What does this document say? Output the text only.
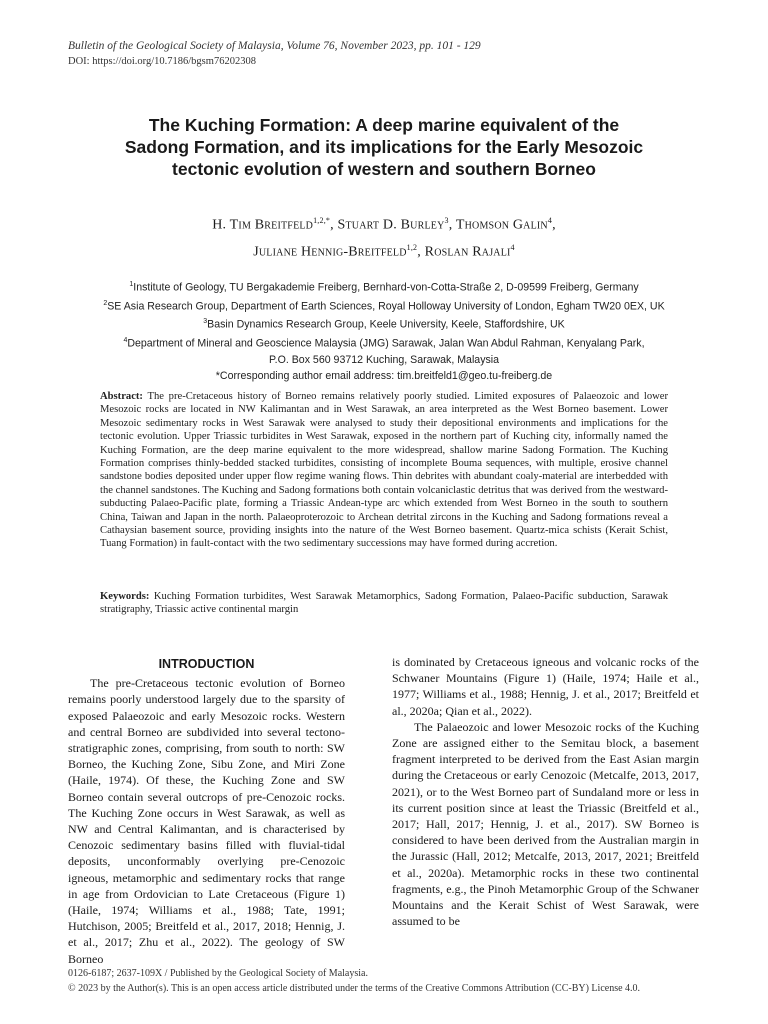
Bulletin of the Geological Society of Malaysia, Volume 76, November 2023, pp. 101 - 129
DOI: https://doi.org/10.7186/bgsm76202308
The Kuching Formation: A deep marine equivalent of the
Sadong Formation, and its implications for the Early Mesozoic
tectonic evolution of western and southern Borneo
H. Tim Breitfeld$^{1,2,*}$, Stuart D. Burley$^3$, Thomson Galin$^4$,
Juliane Hennig-Breitfeld$^{1,2}$, Roslan Rajali$^4$
$^1$Institute of Geology, TU Bergakademie Freiberg, Bernhard-von-Cotta-Straße 2, D-09599 Freiberg, Germany
$^2$SE Asia Research Group, Department of Earth Sciences, Royal Holloway University of London, Egham TW20 0EX, UK
$^3$Basin Dynamics Research Group, Keele University, Keele, Staffordshire, UK
$^4$Department of Mineral and Geoscience Malaysia (JMG) Sarawak, Jalan Wan Abdul Rahman, Kenyalang Park,
P.O. Box 560 93712 Kuching, Sarawak, Malaysia
*Corresponding author email address: tim.breitfeld1@geo.tu-freiberg.de
Abstract: The pre-Cretaceous history of Borneo remains relatively poorly studied. Limited exposures of Palaeozoic and lower Mesozoic rocks are located in NW Kalimantan and in West Sarawak, an area interpreted as the West Borneo basement. Lower Mesozoic sedimentary rocks in West Sarawak were analysed to study their depositional environments and implications for the tectonic evolution. Upper Triassic turbidites in West Sarawak, exposed in the northern part of Kuching city, informally named the Kuching Formation, are the deep marine equivalent to the more widespread, shallow marine Sadong Formation. The Kuching Formation comprises thinly-bedded stacked turbidites, consisting of incomplete Bouma sequences, with multiple, erosive channel sandstone bodies deposited under upper flow regime waning flows. Thin debrites with abundant coaly-material are interbedded with the channel sandstones. The Kuching and Sadong formations both contain volcaniclastic detritus that was derived from the westward-subducting Palaeo-Pacific plate, forming a Triassic Andean-type arc which extended from West Borneo in the south to southern China, Taiwan and Japan in the north. Palaeoproterozoic to Archean detrital zircons in the Kuching and Sadong formations reveal a Cathaysian basement source, providing insights into the nature of the West Borneo basement. Quartz-mica schists (Kerait Schist, Tuang Formation) in fault-contact with the two sedimentary successions may have formed during accretion.
Keywords: Kuching Formation turbidites, West Sarawak Metamorphics, Sadong Formation, Palaeo-Pacific subduction, Sarawak stratigraphy, Triassic active continental margin
INTRODUCTION

The pre-Cretaceous tectonic evolution of Borneo remains poorly understood largely due to the sparsity of exposed Palaeozoic and early Mesozoic rocks. Western and central Borneo are subdivided into several tectono-stratigraphic zones, comprising, from south to north: SW Borneo, the Kuching Zone, Sibu Zone, and Miri Zone (Haile, 1974). Of these, the Kuching Zone and SW Borneo contain several outcrops of pre-Cenozoic rocks. The Kuching Zone occurs in West Sarawak, as well as NW and Central Kalimantan, and is characterised by Cenozoic sedimentary basins filled with fluvial-tidal deposits, unconformably overlying pre-Cenozoic igneous, metamorphic and sedimentary rocks that range in age from Ordovician to Late Cretaceous (Figure 1) (Haile, 1974; Williams et al., 1988; Tate, 1991; Hutchison, 2005; Breitfeld et al., 2017, 2018; Hennig, J. et al., 2017; Zhu et al., 2022). The geology of SW Borneo

is dominated by Cretaceous igneous and volcanic rocks of the Schwaner Mountains (Figure 1) (Haile, 1974; Haile et al., 1977; Williams et al., 1988; Hennig, J. et al., 2017; Breitfeld et al., 2020a; Qian et al., 2022).

The Palaeozoic and lower Mesozoic rocks of the Kuching Zone are assigned either to the Semitau block, a basement fragment interpreted to be derived from the East Asian margin during the Cretaceous or early Cenozoic (Metcalfe, 2013, 2017, 2021), or to the West Borneo part of Sundaland more or less in its current position since at least the Triassic (Breitfeld et al., 2017; Hall, 2017; Hennig, J. et al., 2017). SW Borneo is considered to have been derived from the Australian margin in the Jurassic (Hall, 2012; Metcalfe, 2013, 2017, 2021; Breitfeld et al., 2020a). Metamorphic rocks in these two continental fragments, e.g., the Pinoh Metamorphic Group of the Schwaner Mountains and the Kerait Schist of West Sarawak, were assumed to be

0126-6187; 2637-109X / Published by the Geological Society of Malaysia.
© 2023 by the Author(s). This is an open access article distributed under the terms of the Creative Commons Attribution (CC-BY) License 4.0.
